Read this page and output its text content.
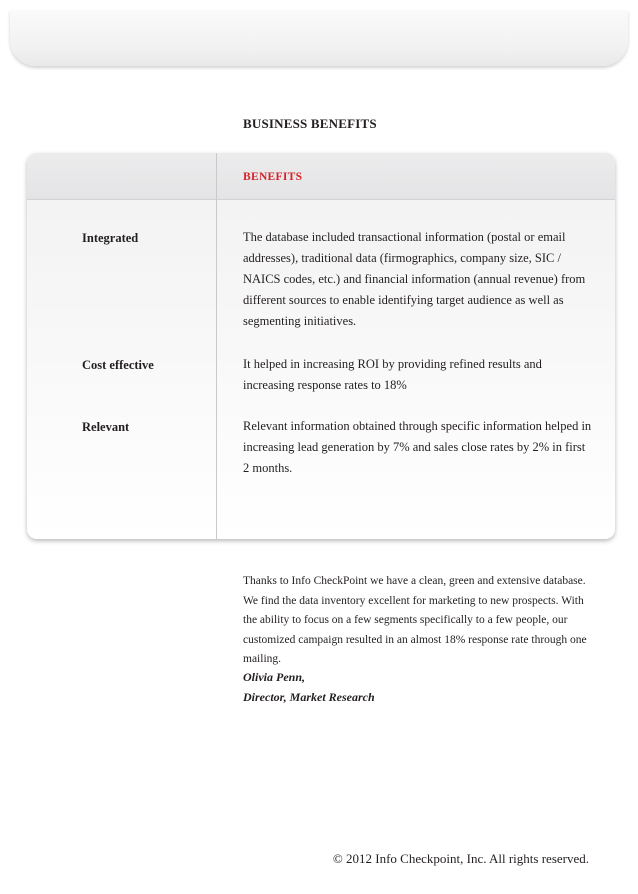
BUSINESS BENEFITS
BENEFITS
Integrated	The database included transactional information (postal or email addresses), traditional data (firmographics, company size, SIC / NAICS codes, etc.) and financial information (annual revenue) from different sources to enable identifying target audience as well as segmenting initiatives.
Cost effective	It helped in increasing ROI by providing refined results and increasing response rates to 18%
Relevant	Relevant information obtained through specific information helped in increasing lead generation by 7% and sales close rates by 2% in first 2 months.
Thanks to Info CheckPoint we have a clean, green and extensive database. We find the data inventory excellent for marketing to new prospects. With the ability to focus on a few segments specifically to a few people, our customized campaign resulted in an almost 18% response rate through one mailing.
Olivia Penn,
Director, Market Research
© 2012 Info Checkpoint, Inc. All rights reserved.
